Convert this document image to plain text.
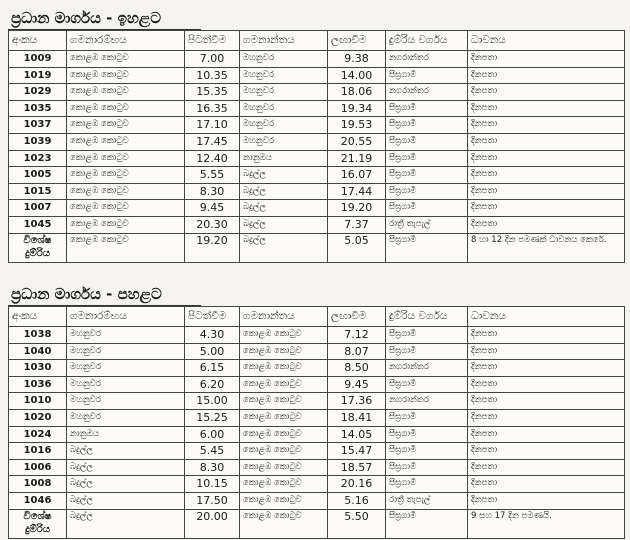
ප්‍රධාන මාර්ගය - ඉහළට
අංකය	ගමනාරම්භය	පිටත්වීම	ගමනාන්තය	ලඟාවීම	දුම්රිය වර්ගය	ධාවනය
1009	කොළඹ කොටුව	7.00	මහනුවර	9.38	නගරාන්තර	දිනපතා
1019	කොළඹ කොටුව	10.35	මහනුවර	14.00	සීඝ්‍රගාමී	දිනපතා
1029	කොළඹ කොටුව	15.35	මහනුවර	18.06	නගරාන්තර	දිනපතා
1035	කොළඹ කොටුව	16.35	මහනුවර	19.34	සීඝ්‍රගාමී	දිනපතා
1037	කොළඹ කොටුව	17.10	මහනුවර	19.53	සීඝ්‍රගාමී	දිනපතා
1039	කොළඹ කොටුව	17.45	මහනුවර	20.55	සීඝ්‍රගාමී	දිනපතා
1023	කොළඹ කොටුව	12.40	නානුඔය	21.19	සීඝ්‍රගාමී	දිනපතා
1005	කොළඹ කොටුව	5.55	බදුල්ල	16.07	සීඝ්‍රගාමී	දිනපතා
1015	කොළඹ කොටුව	8.30	බදුල්ල	17.44	සීඝ්‍රගාමී	දිනපතා
1007	කොළඹ කොටුව	9.45	බදුල්ල	19.20	සීඝ්‍රගාමී	දිනපතා
1045	කොළඹ කොටුව	20.30	බදුල්ල	7.37	රාත්‍රී තැපැල්	දිනපතා
විශේෂ දුම්රිය	කොළඹ කොටුව	19.20	බදුල්ල	5.05	සීඝ්‍රගාමී	8 හා 12 දින පමණක් ධාවනය කෙරේ.
ප්‍රධාන මාර්ගය - පහළට
අංකය	ගමනාරම්භය	පිටත්වීම	ගමනාන්තය	ලඟාවීම	දුම්රිය වර්ගය	ධාවනය
1038	මහනුවර	4.30	කොළඹ කොටුව	7.12	සීඝ්‍රගාමී	දිනපතා
1040	මහනුවර	5.00	කොළඹ කොටුව	8.07	සීඝ්‍රගාමී	දිනපතා
1030	මහනුවර	6.15	කොළඹ කොටුව	8.50	නගරාන්තර	දිනපතා
1036	මහනුවර	6.20	කොළඹ කොටුව	9.45	සීඝ්‍රගාමී	දිනපතා
1010	මහනුවර	15.00	කොළඹ කොටුව	17.36	නගරාන්තර	දිනපතා
1020	මහනුවර	15.25	කොළඹ කොටුව	18.41	සීඝ්‍රගාමී	දිනපතා
1024	නානුඔය	6.00	කොළඹ කොටුව	14.05	සීඝ්‍රගාමී	දිනපතා
1016	බදුල්ල	5.45	කොළඹ කොටුව	15.47	සීඝ්‍රගාමී	දිනපතා
1006	බදුල්ල	8.30	කොළඹ කොටුව	18.57	සීඝ්‍රගාමී	දිනපතා
1008	බදුල්ල	10.15	කොළඹ කොටුව	20.16	සීඝ්‍රගාමී	දිනපතා
1046	බදුල්ල	17.50	කොළඹ කොටුව	5.16	රාත්‍රී තැපැල්	දිනපතා
විශේෂ දුම්රිය	බදුල්ල	20.00	කොළඹ කොටුව	5.50	සීඝ්‍රගාමී	9 සහ 17 දින පමණයි.
